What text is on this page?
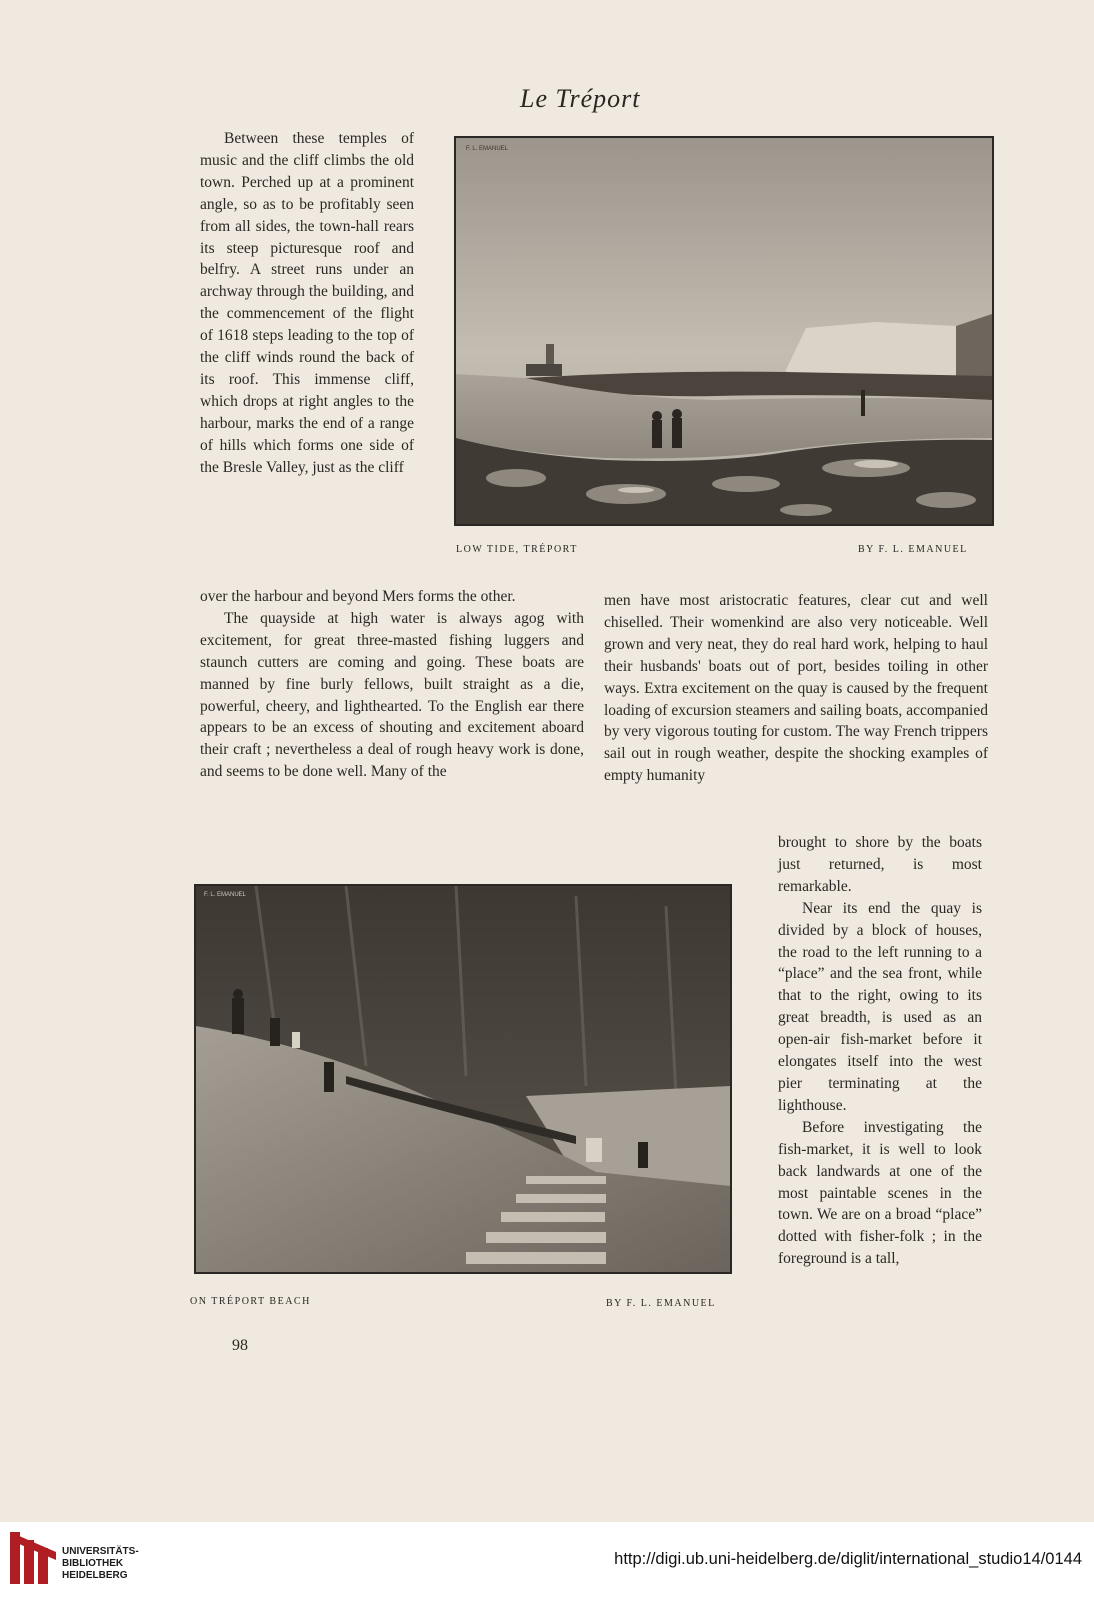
Le Tréport

Between these temples of music and the cliff climbs the old town. Perched up at a prominent angle, so as to be profitably seen from all sides, the town-hall rears its steep picturesque roof and belfry. A street runs under an archway through the building, and the commencement of the flight of 1618 steps leading to the top of the cliff winds round the back of its roof. This immense cliff, which drops at right angles to the harbour, marks the end of a range of hills which forms one side of the Bresle Valley, just as the cliff

F. L. EMANUEL
LOW TIDE, TRÉPORT	BY F. L. EMANUEL

over the harbour and beyond Mers forms the other.

The quayside at high water is always agog with excitement, for great three-masted fishing luggers and staunch cutters are coming and going. These boats are manned by fine burly fellows, built straight as a die, powerful, cheery, and lighthearted. To the English ear there appears to be an excess of shouting and excitement aboard their craft ; nevertheless a deal of rough heavy work is done, and seems to be done well. Many of the

men have most aristocratic features, clear cut and well chiselled. Their womenkind are also very noticeable. Well grown and very neat, they do real hard work, helping to haul their husbands' boats out of port, besides toiling in other ways. Extra excitement on the quay is caused by the frequent loading of excursion steamers and sailing boats, accompanied by very vigorous touting for custom. The way French trippers sail out in rough weather, despite the shocking examples of empty humanity

F. L. EMANUEL
ON TRÉPORT BEACH	BY F. L. EMANUEL

brought to shore by the boats just returned, is most remarkable.

Near its end the quay is divided by a block of houses, the road to the left running to a “place” and the sea front, while that to the right, owing to its great breadth, is used as an open-air fish-market before it elongates itself into the west pier terminating at the lighthouse.

Before investigating the fish-market, it is well to look back landwards at one of the most paintable scenes in the town. We are on a broad “place” dotted with fisher-folk ; in the foreground is a tall,

98
UNIVERSITÄTS-
BIBLIOTHEK
HEIDELBERG
http://digi.ub.uni-heidelberg.de/diglit/international_studio14/0144
